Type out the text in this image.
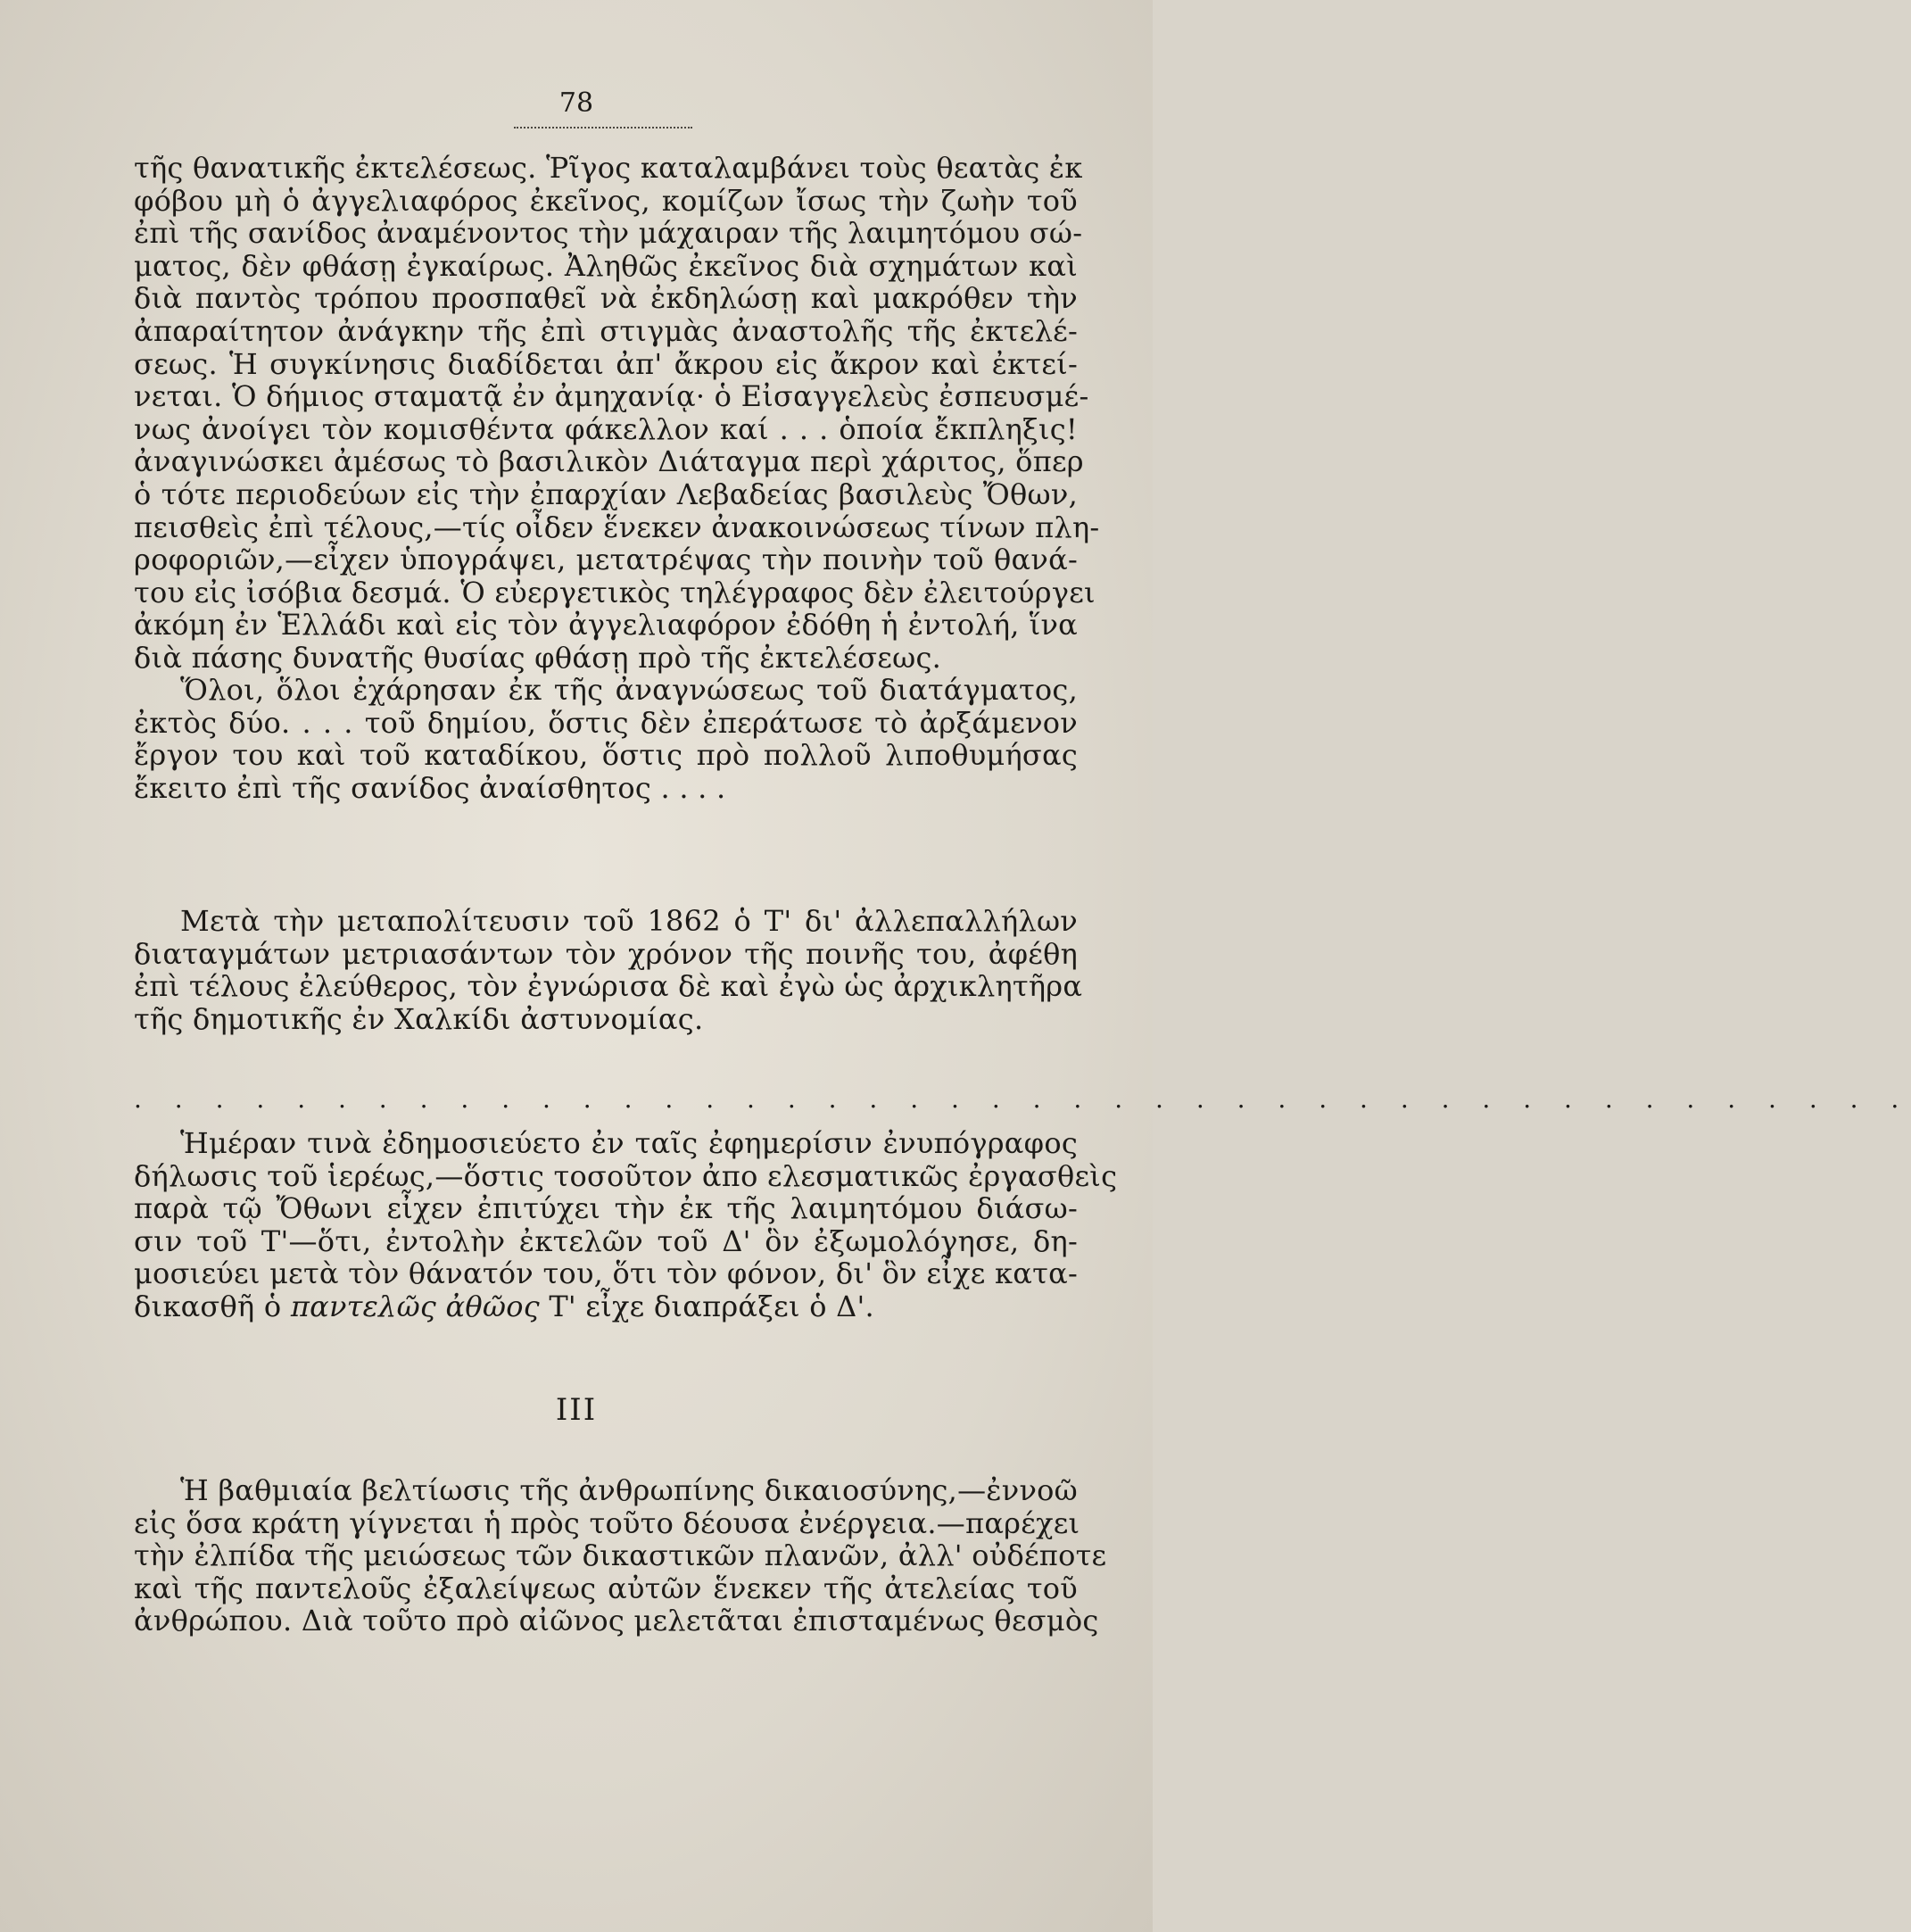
78
τῆς θανατικῆς ἐκτελέσεως. Ῥῖγος καταλαμβάνει τοὺς θεατὰς ἐκ
φόβου μὴ ὁ ἀγγελιαφόρος ἐκεῖνος, κομίζων ἴσως τὴν ζωὴν τοῦ
ἐπὶ τῆς σανίδος ἀναμένοντος τὴν μάχαιραν τῆς λαιμητόμου σώ-
ματος, δὲν φθάσῃ ἐγκαίρως. Ἀληθῶς ἐκεῖνος διὰ σχημάτων καὶ
διὰ παντὸς τρόπου προσπαθεῖ νὰ ἐκδηλώσῃ καὶ μακρόθεν τὴν
ἀπαραίτητον ἀνάγκην τῆς ἐπὶ στιγμὰς ἀναστολῆς τῆς ἐκτελέ-
σεως. Ἡ συγκίνησις διαδίδεται ἀπ' ἄκρου εἰς ἄκρον καὶ ἐκτεί-
νεται. Ὁ δήμιος σταματᾷ ἐν ἀμηχανίᾳ· ὁ Εἰσαγγελεὺς ἐσπευσμέ-
νως ἀνοίγει τὸν κομισθέντα φάκελλον καί . . . ὁποία ἔκπληξις!
ἀναγινώσκει ἀμέσως τὸ βασιλικὸν Διάταγμα περὶ χάριτος, ὅπερ
ὁ τότε περιοδεύων εἰς τὴν ἐπαρχίαν Λεβαδείας βασιλεὺς Ὄθων,
πεισθεὶς ἐπὶ τέλους,—τίς οἶδεν ἕνεκεν ἀνακοινώσεως τίνων πλη-
ροφοριῶν,—εἶχεν ὑπογράψει, μετατρέψας τὴν ποινὴν τοῦ θανά-
του εἰς ἰσόβια δεσμά. Ὁ εὐεργετικὸς τηλέγραφος δὲν ἐλειτούργει
ἀκόμη ἐν Ἑλλάδι καὶ εἰς τὸν ἀγγελιαφόρον ἐδόθη ἡ ἐντολή, ἵνα
διὰ πάσης δυνατῆς θυσίας φθάσῃ πρὸ τῆς ἐκτελέσεως.
Ὅλοι, ὅλοι ἐχάρησαν ἐκ τῆς ἀναγνώσεως τοῦ διατάγματος,
ἐκτὸς δύο. . . . τοῦ δημίου, ὅστις δὲν ἐπεράτωσε τὸ ἀρξάμενον
ἔργον του καὶ τοῦ καταδίκου, ὅστις πρὸ πολλοῦ λιποθυμήσας
ἔκειτο ἐπὶ τῆς σανίδος ἀναίσθητος . . . .
Μετὰ τὴν μεταπολίτευσιν τοῦ 1862 ὁ Τ' δι' ἀλλεπαλλήλων
διαταγμάτων μετριασάντων τὸν χρόνον τῆς ποινῆς του, ἀφέθη
ἐπὶ τέλους ἐλεύθερος, τὸν ἐγνώρισα δὲ καὶ ἐγὼ ὡς ἀρχικλητῆρα
τῆς δημοτικῆς ἐν Χαλκίδι ἀστυνομίας.
. . . . . . . . . . . . . . . . . . . . . . . . . . . . . . . . . . . . . . . . . . . .
Ἡμέραν τινὰ ἐδημοσιεύετο ἐν ταῖς ἐφημερίσιν ἐνυπόγραφος
δήλωσις τοῦ ἱερέως,—ὅστις τοσοῦτον ἀπο ελεσματικῶς ἐργασθεὶς
παρὰ τῷ Ὄθωνι εἶχεν ἐπιτύχει τὴν ἐκ τῆς λαιμητόμου διάσω-
σιν τοῦ Τ'—ὅτι, ἐντολὴν ἐκτελῶν τοῦ Δ' ὃν ἐξωμολόγησε, δη-
μοσιεύει μετὰ τὸν θάνατόν του, ὅτι τὸν φόνον, δι' ὃν εἶχε κατα-
δικασθῆ ὁ παντελῶς ἀθῶος Τ' εἶχε διαπράξει ὁ Δ'.
III
Ἡ βαθμιαία βελτίωσις τῆς ἀνθρωπίνης δικαιοσύνης,—ἐννοῶ
εἰς ὅσα κράτη γίγνεται ἡ πρὸς τοῦτο δέουσα ἐνέργεια.—παρέχει
τὴν ἐλπίδα τῆς μειώσεως τῶν δικαστικῶν πλανῶν, ἀλλ' οὐδέποτε
καὶ τῆς παντελοῦς ἐξαλείψεως αὐτῶν ἕνεκεν τῆς ἀτελείας τοῦ
ἀνθρώπου. Διὰ τοῦτο πρὸ αἰῶνος μελετᾶται ἐπισταμένως θεσμὸς
